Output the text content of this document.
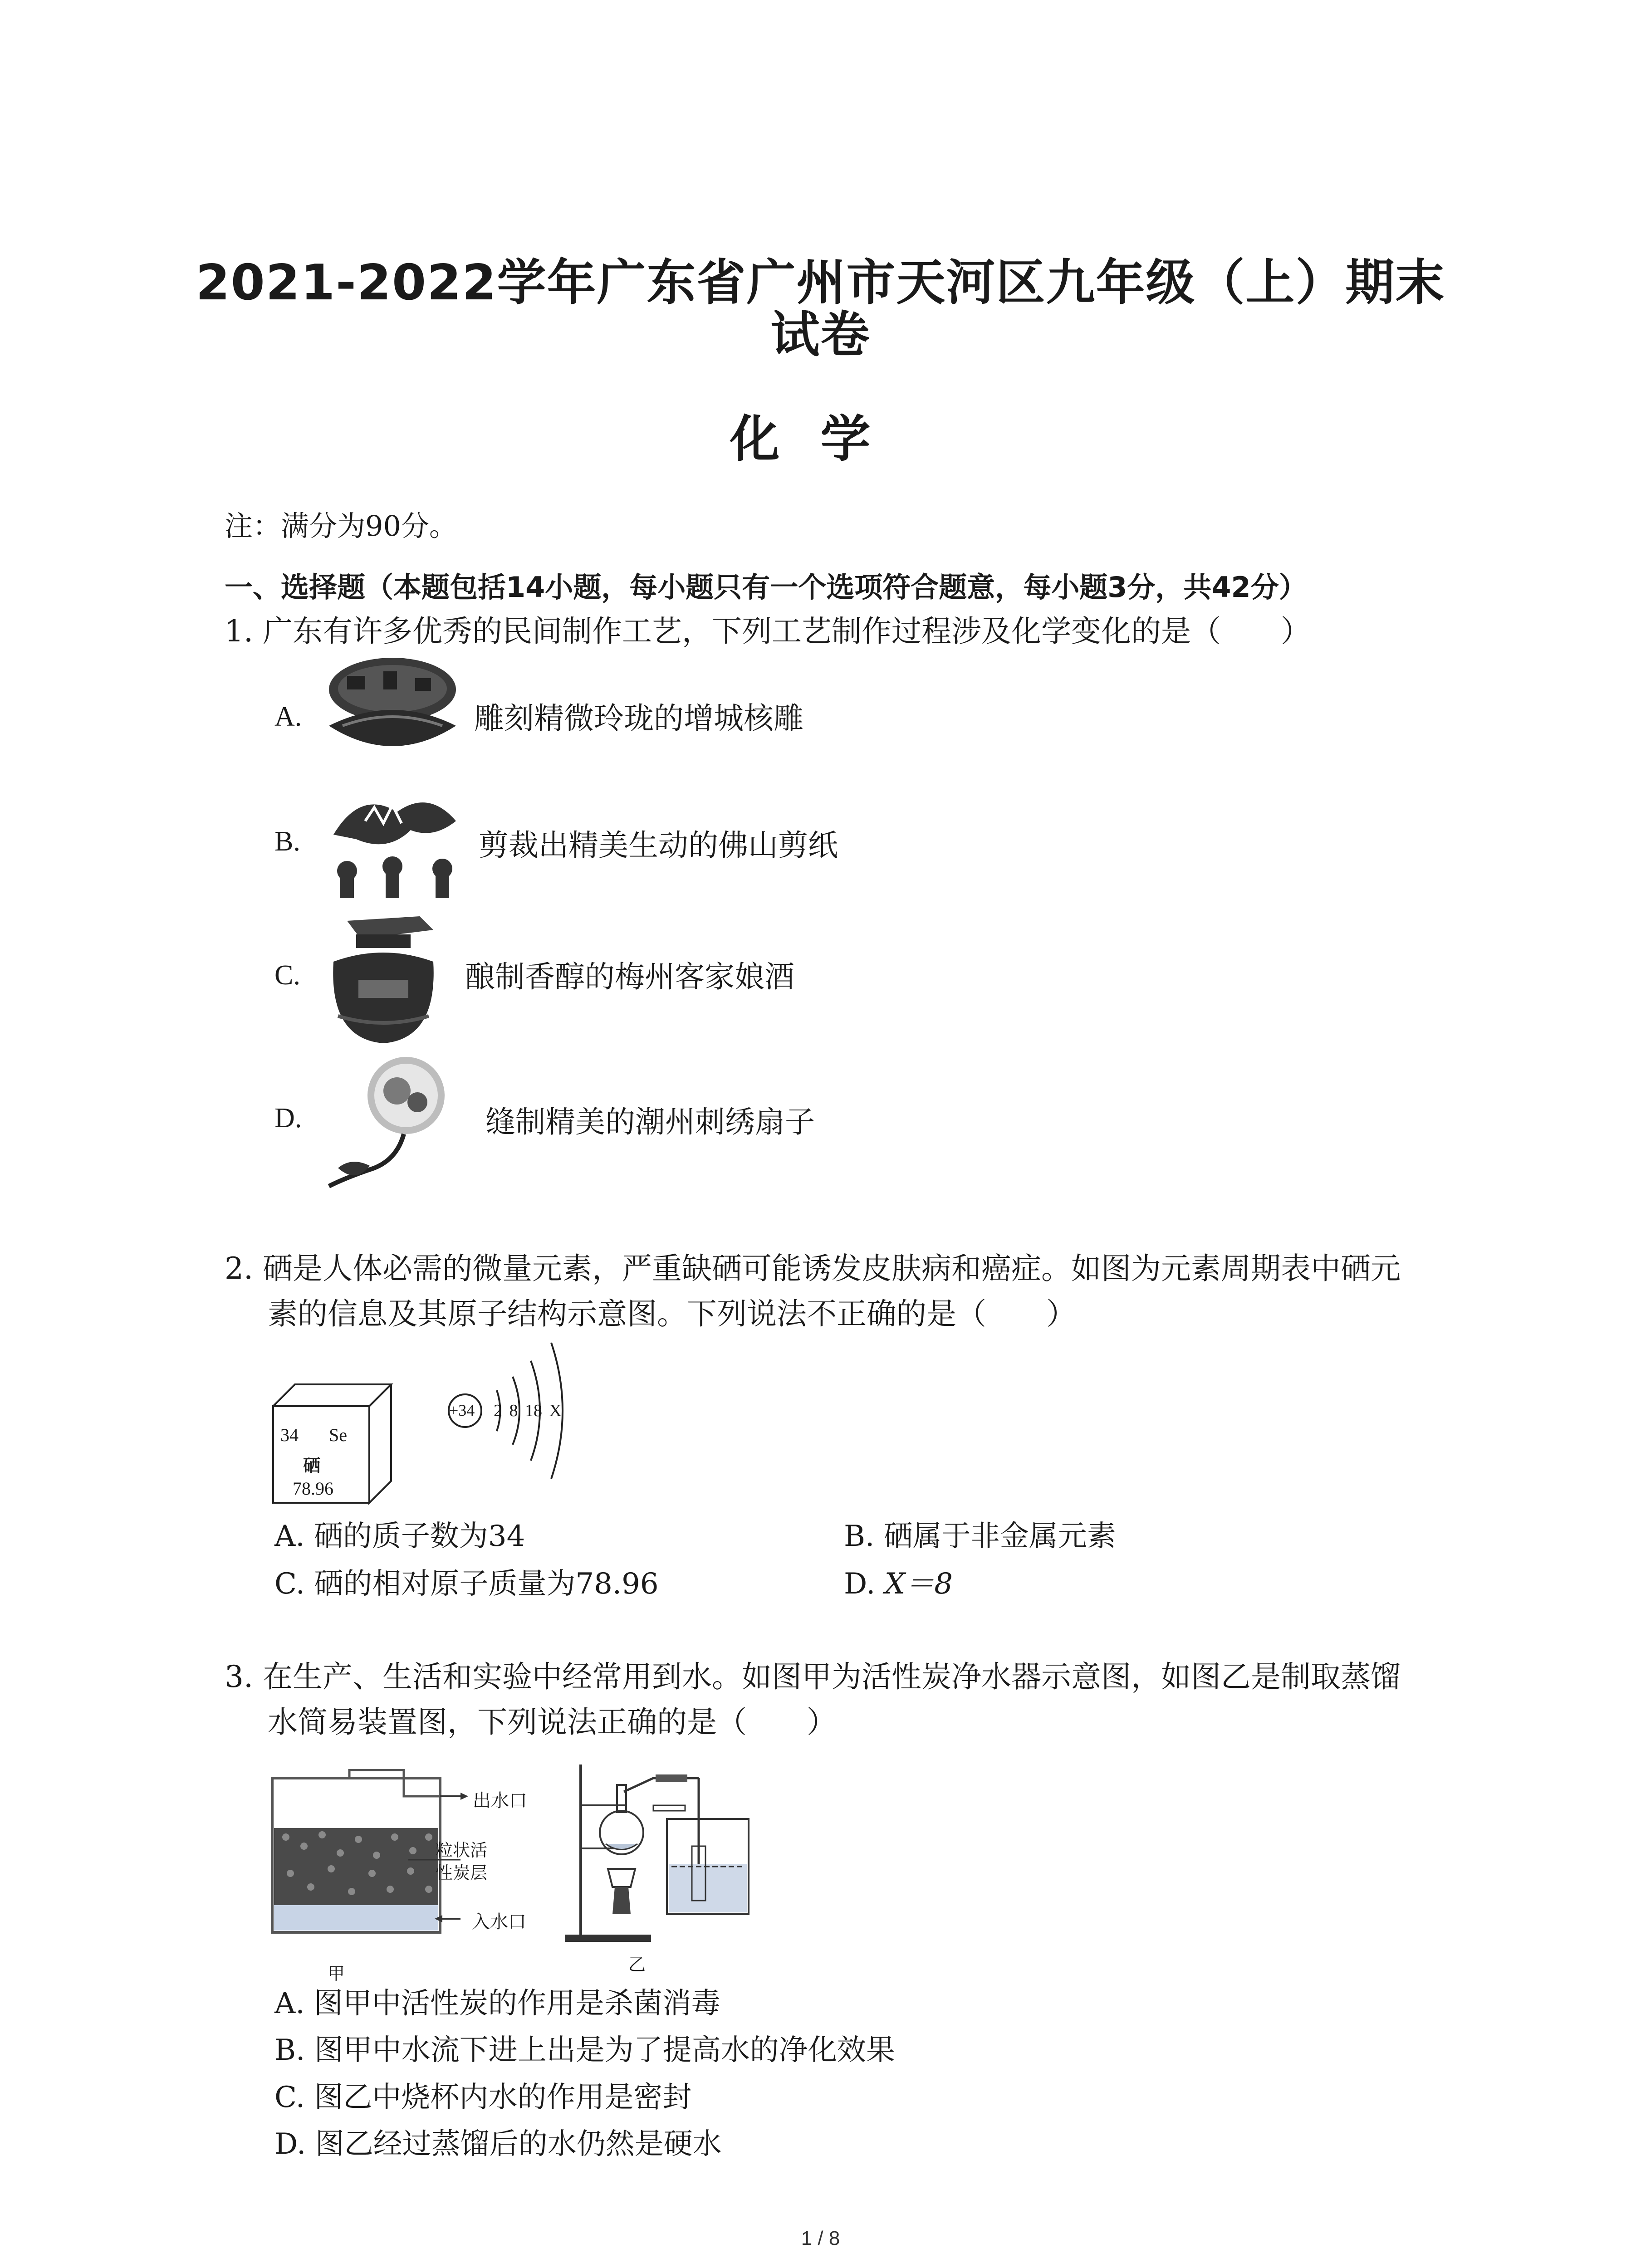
2021-2022学年广东省广州市天河区九年级（上）期末
试卷
化学
注：满分为90分。
一、选择题（本题包括14小题，每小题只有一个选项符合题意，每小题3分，共42分）
1. 广东有许多优秀的民间制作工艺，下列工艺制作过程涉及化学变化的是（　　）
A.	雕刻精微玲珑的增城核雕
B.	剪裁出精美生动的佛山剪纸
C.	酿制香醇的梅州客家娘酒
D.	缝制精美的潮州刺绣扇子
2. 硒是人体必需的微量元素，严重缺硒可能诱发皮肤病和癌症。如图为元素周期表中硒元
素的信息及其原子结构示意图。下列说法不正确的是（　　）
34 Se
硒
78.96
+34 2 8 18 X
A. 硒的质子数为34	B. 硒属于非金属元素
C. 硒的相对原子质量为78.96	D. X＝8
3. 在生产、生活和实验中经常用到水。如图甲为活性炭净水器示意图，如图乙是制取蒸馏
水简易装置图，下列说法正确的是（　　）
出水口
粒状活
性炭层
入水口
甲	乙
A. 图甲中活性炭的作用是杀菌消毒
B. 图甲中水流下进上出是为了提高水的净化效果
C. 图乙中烧杯内水的作用是密封
D. 图乙经过蒸馏后的水仍然是硬水
1 / 8
